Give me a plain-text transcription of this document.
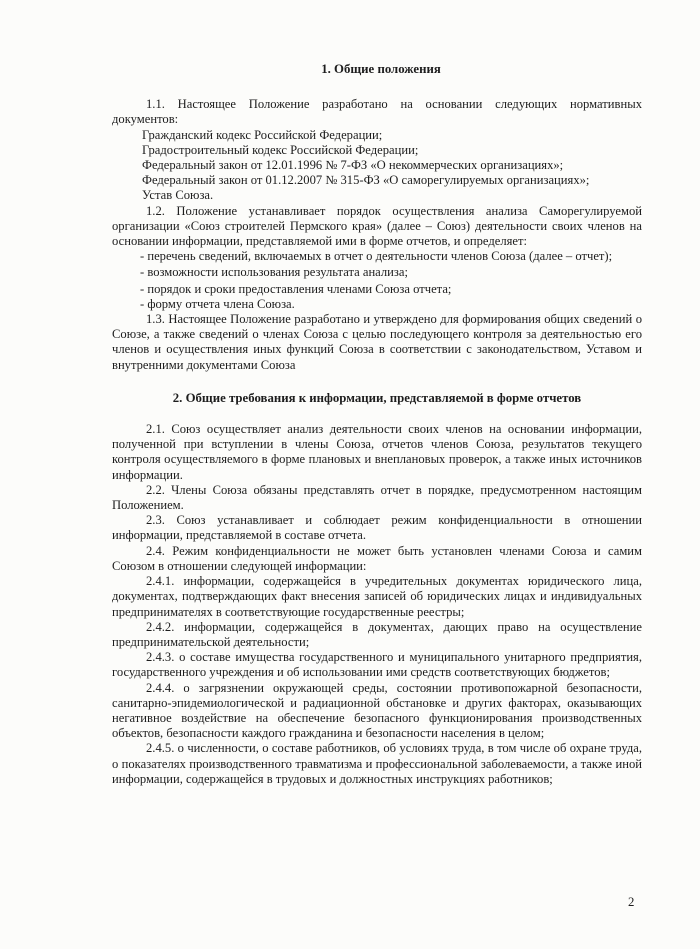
1. Общие положения

1.1. Настоящее Положение разработано на основании следующих нормативных документов:

Гражданский кодекс Российской Федерации;

Градостроительный кодекс Российской Федерации;

Федеральный закон от 12.01.1996 № 7-ФЗ «О некоммерческих организациях»;

Федеральный закон от 01.12.2007 № 315-ФЗ «О саморегулируемых организациях»;

Устав Союза.

1.2. Положение устанавливает порядок осуществления анализа Саморегулируемой организации «Союз строителей Пермского края» (далее – Союз) деятельности своих членов на основании информации, представляемой ими в форме отчетов, и определяет:

- перечень сведений, включаемых в отчет о деятельности членов Союза (далее – отчет);

- возможности использования результата анализа;

- порядок и сроки предоставления членами Союза отчета;

- форму отчета члена Союза.

1.3. Настоящее Положение разработано и утверждено для формирования общих сведений о Союзе, а также сведений о членах Союза с целью последующего контроля за деятельностью его членов и осуществления иных функций Союза в соответствии с законодательством, Уставом и внутренними документами Союза

2. Общие требования к информации, представляемой в форме отчетов

2.1. Союз осуществляет анализ деятельности своих членов на основании информации, полученной при вступлении в члены Союза, отчетов членов Союза, результатов текущего контроля осуществляемого в форме плановых и внеплановых проверок, а также иных источников информации.

2.2. Члены Союза обязаны представлять отчет в порядке, предусмотренном настоящим Положением.

2.3. Союз устанавливает и соблюдает режим конфиденциальности в отношении информации, представляемой в составе отчета.

2.4. Режим конфиденциальности не может быть установлен членами Союза и самим Союзом в отношении следующей информации:

2.4.1. информации, содержащейся в учредительных документах юридического лица, документах, подтверждающих факт внесения записей об юридических лицах и индивидуальных предпринимателях в соответствующие государственные реестры;

2.4.2. информации, содержащейся в документах, дающих право на осуществление предпринимательской деятельности;

2.4.3. о составе имущества государственного и муниципального унитарного предприятия, государственного учреждения и об использовании ими средств соответствующих бюджетов;

2.4.4. о загрязнении окружающей среды, состоянии противопожарной безопасности, санитарно-эпидемиологической и радиационной обстановке и других факторах, оказывающих негативное воздействие на обеспечение безопасного функционирования производственных объектов, безопасности каждого гражданина и безопасности населения в целом;

2.4.5. о численности, о составе работников, об условиях труда, в том числе об охране труда, о показателях производственного травматизма и профессиональной заболеваемости, а также иной информации, содержащейся в трудовых и должностных инструкциях работников;

2
